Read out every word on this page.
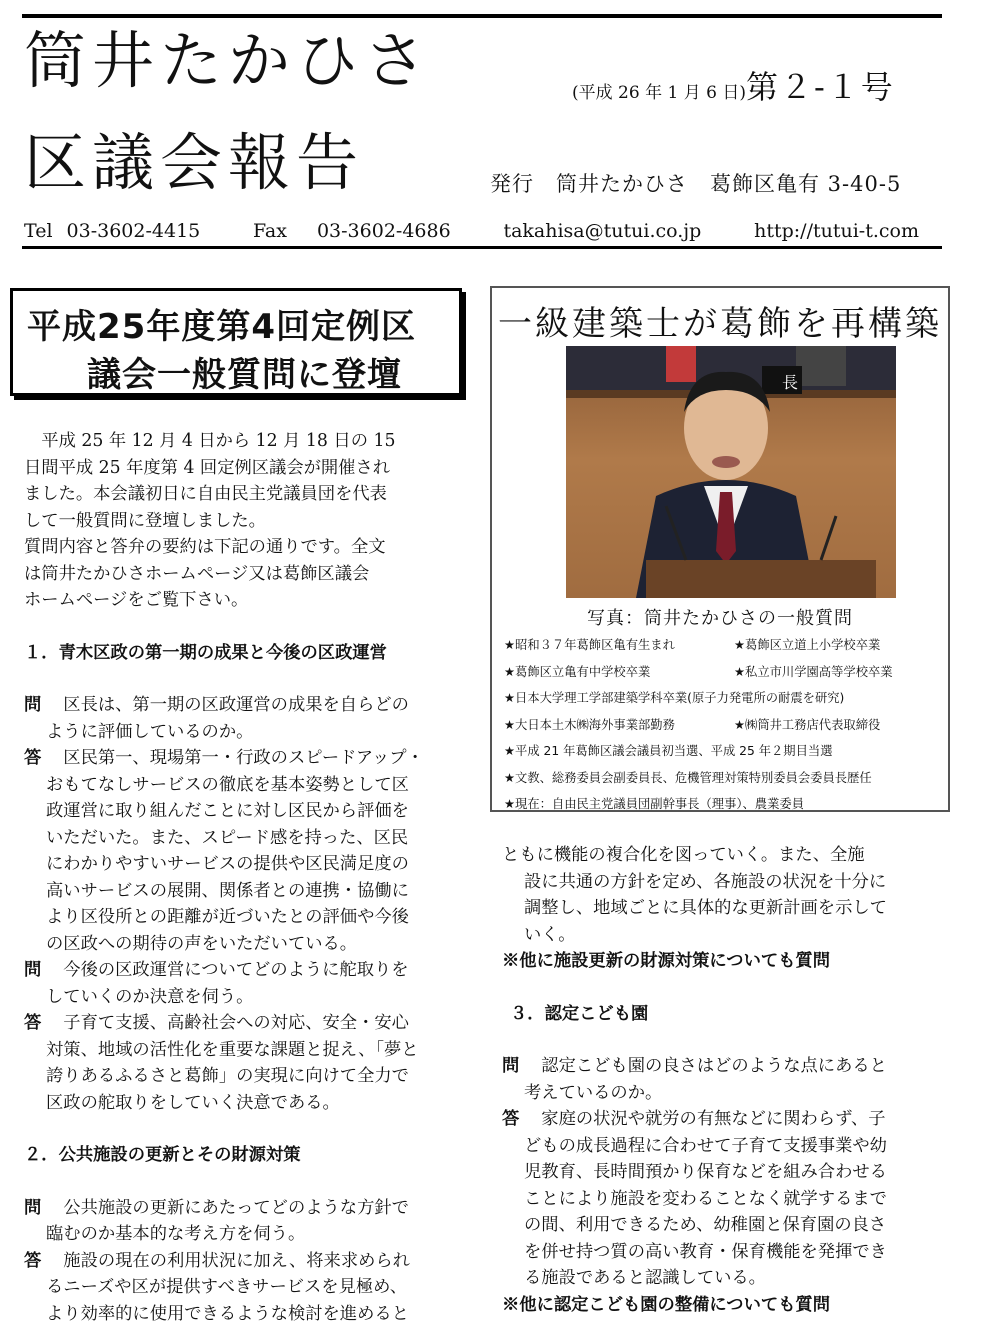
筒井たかひさ
区議会報告
(平成 26 年 1 月 6 日)第２-１号
発行　筒井たかひさ　葛飾区亀有 3-40-5
Tel 03-3602-4415	Fax 03-3602-4686	takahisa@tutui.co.jp	http://tutui-t.com
平成25年度第4回定例区
議会一般質問に登壇
　平成 25 年 12 月 4 日から 12 月 18 日の 15
日間平成 25 年度第 4 回定例区議会が開催され
ました。本会議初日に自由民主党議員団を代表
して一般質問に登壇しました。
質問内容と答弁の要約は下記の通りです。全文
は筒井たかひさホームページ又は葛飾区議会
ホームページをご覧下さい。
１．青木区政の第一期の成果と今後の区政運営
問　 区長は、第一期の区政運営の成果を自らどの
ように評価しているのか。
答　 区民第一、現場第一・行政のスピードアップ・
おもてなしサービスの徹底を基本姿勢として区
政運営に取り組んだことに対し区民から評価を
いただいた。また、スピード感を持った、区民
にわかりやすいサービスの提供や区民満足度の
高いサービスの展開、関係者との連携・協働に
より区役所との距離が近づいたとの評価や今後
の区政への期待の声をいただいている。
問　 今後の区政運営についてどのように舵取りを
していくのか決意を伺う。
答　 子育て支援、高齢社会への対応、安全・安心
対策、地域の活性化を重要な課題と捉え、「夢と
誇りあるふるさと葛飾」の実現に向けて全力で
区政の舵取りをしていく決意である。
２．公共施設の更新とその財源対策
問　 公共施設の更新にあたってどのような方針で
臨むのか基本的な考え方を伺う。
答　 施設の現在の利用状況に加え、将来求められ
るニーズや区が提供すべきサービスを見極め、
より効率的に使用できるような検討を進めると
一級建築士が葛飾を再構築
長
写真：筒井たかひさの一般質問
★昭和３７年葛飾区亀有生まれ	★葛飾区立道上小学校卒業
★葛飾区立亀有中学校卒業	★私立市川学園高等学校卒業
★日本大学理工学部建築学科卒業(原子力発電所の耐震を研究)
★大日本土木㈱海外事業部勤務	★㈱筒井工務店代表取締役
★平成 21 年葛飾区議会議員初当選、平成 25 年２期目当選
★文教、総務委員会副委員長、危機管理対策特別委員会委員長歴任
★現在：自由民主党議員団副幹事長（理事）、農業委員
ともに機能の複合化を図っていく。また、全施
設に共通の方針を定め、各施設の状況を十分に
調整し、地域ごとに具体的な更新計画を示して
いく。
※他に施設更新の財源対策についても質問
３．認定こども園
問　 認定こども園の良さはどのような点にあると
考えているのか。
答　 家庭の状況や就労の有無などに関わらず、子
どもの成長過程に合わせて子育て支援事業や幼
児教育、長時間預かり保育などを組み合わせる
ことにより施設を変わることなく就学するまで
の間、利用できるため、幼稚園と保育園の良さ
を併せ持つ質の高い教育・保育機能を発揮でき
る施設であると認識している。
※他に認定こども園の整備についても質問
